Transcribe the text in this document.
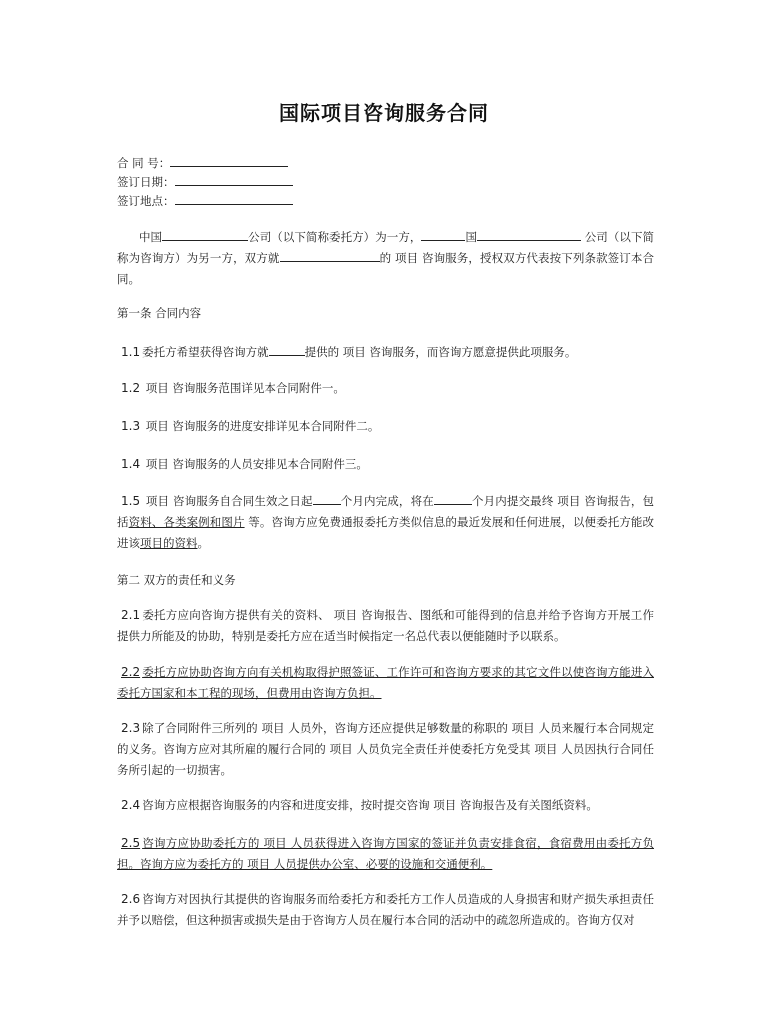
国际项目咨询服务合同
合 同 号：
签订日期：
签订地点：
中国	公司（以下简称委托方）为一方，	国	公司（以下简称为咨询方）为另一方，双方就	的 项目 咨询服务，授权双方代表按下列条款签订本合同。
第一条 合同内容
1.1 委托方希望获得咨询方就	提供的 项目 咨询服务，而咨询方愿意提供此项服务。
1.2 项目 咨询服务范围详见本合同附件一。
1.3 项目 咨询服务的进度安排详见本合同附件二。
1.4 项目 咨询服务的人员安排见本合同附件三。
1.5 项目 咨询服务自合同生效之日起 个月内完成，将在	个月内提交最终 项目 咨询报告，包括资料、各类案例和图片 等。咨询方应免费通报委托方类似信息的最近发展和任何进展，以便委托方能改进该项目的资料。
第二 双方的责任和义务
2.1 委托方应向咨询方提供有关的资料、 项目 咨询报告、图纸和可能得到的信息并给予咨询方开展工作提供力所能及的协助，特别是委托方应在适当时候指定一名总代表以便能随时予以联系。
2.2 委托方应协助咨询方向有关机构取得护照签证、工作许可和咨询方要求的其它文件以使咨询方能进入委托方国家和本工程的现场，但费用由咨询方负担。
2.3 除了合同附件三所列的 项目 人员外，咨询方还应提供足够数量的称职的 项目 人员来履行本合同规定的义务。咨询方应对其所雇的履行合同的 项目 人员负完全责任并使委托方免受其 项目 人员因执行合同任务所引起的一切损害。
2.4 咨询方应根据咨询服务的内容和进度安排，按时提交咨询 项目 咨询报告及有关图纸资料。
2.5 咨询方应协助委托方的 项目 人员获得进入咨询方国家的签证并负责安排食宿，食宿费用由委托方负担。咨询方应为委托方的 项目 人员提供办公室、必要的设施和交通便利。
2.6 咨询方对因执行其提供的咨询服务而给委托方和委托方工作人员造成的人身损害和财产损失承担责任并予以赔偿，但这种损害或损失是由于咨询方人员在履行本合同的活动中的疏忽所造成的。咨询方仅对
